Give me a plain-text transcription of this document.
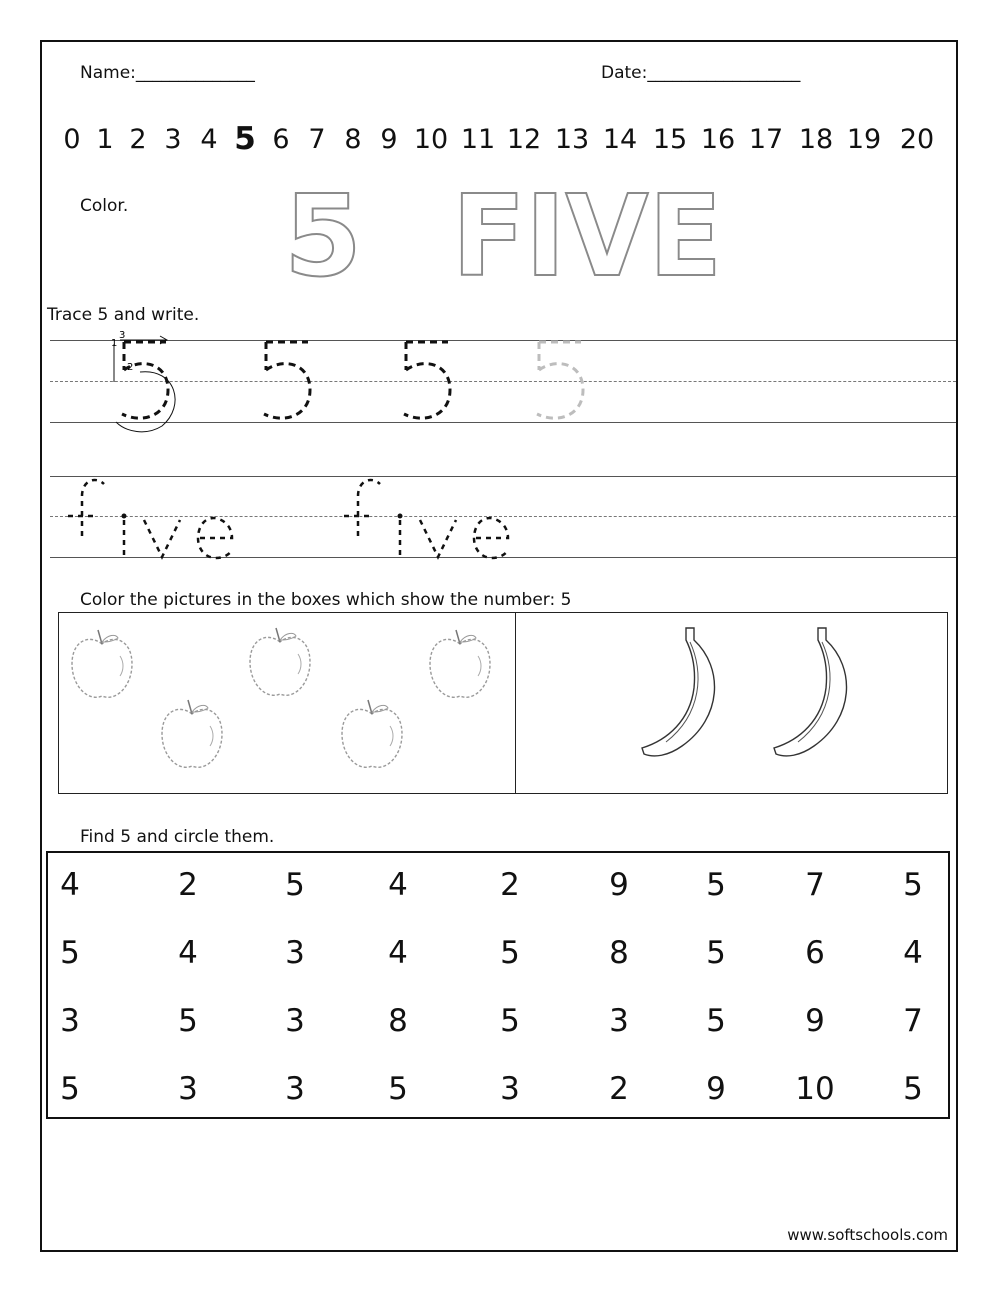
Name:______________	Date:__________________
0 1 2 3 4 5 6 7 8 9 10 11 12 13 14 15 16 17 18 19 20
Color. 5 FIVE
Trace 5 and write.
1
2
3
Color the pictures in the boxes which show the number: 5
Find 5 and circle them.
4	2	5	4	2	9 5	7	5
5	4	3	4	5	8 5	6	4
3	5	3	8	5	3 5	9	7
5	3	3	5	3	2 9 10 5
www.softschools.com
